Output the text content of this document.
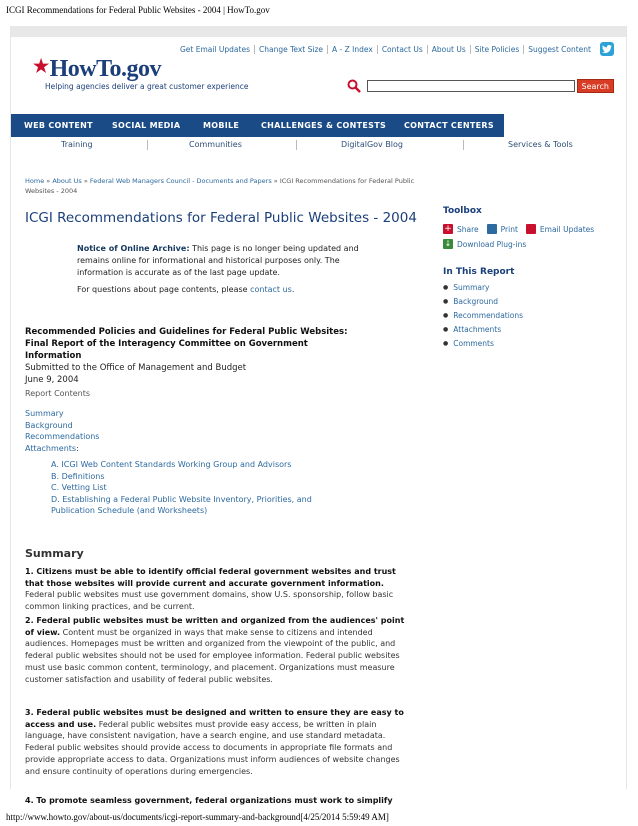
ICGI Recommendations for Federal Public Websites - 2004 | HowTo.gov
Get Email Updates	Change Text Size	A - Z Index	Contact Us	About Us	Site Policies	Suggest Content
★ HowTo.gov
Helping agencies deliver a great customer experience	Search
WEB CONTENT SOCIAL MEDIA	MOBILE	CHALLENGES & CONTESTS CONTACT CENTERS
Training	Communities	DigitalGov Blog	Services & Tools
Home » About Us » Federal Web Managers Council - Documents and Papers » ICGI Recommendations for Federal Public Websites - 2004
ICGI Recommendations for Federal Public Websites - 2004
Notice of Online Archive: This page is no longer being updated and remains online for informational and historical purposes only. The information is accurate as of the last page update.
For questions about page contents, please contact us.
Recommended Policies and Guidelines for Federal Public Websites:
Final Report of the Interagency Committee on Government Information
Submitted to the Office of Management and Budget
June 9, 2004
Report Contents
Summary
Background
Recommendations
Attachments:
A. ICGI Web Content Standards Working Group and Advisors
B. Definitions
C. Vetting List
D. Establishing a Federal Public Website Inventory, Priorities, and Publication Schedule (and Worksheets)
Summary
1. Citizens must be able to identify official federal government websites and trust that those websites will provide current and accurate government information. Federal public websites must use government domains, show U.S. sponsorship, follow basic common linking practices, and be current.
2. Federal public websites must be written and organized from the audiences' point of view. Content must be organized in ways that make sense to citizens and intended audiences. Homepages must be written and organized from the viewpoint of the public, and federal public websites should not be used for employee information. Federal public websites must use basic common content, terminology, and placement. Organizations must measure customer satisfaction and usability of federal public websites.
3. Federal public websites must be designed and written to ensure they are easy to access and use. Federal public websites must provide easy access, be written in plain language, have consistent navigation, have a search engine, and use standard metadata. Federal public websites should provide access to documents in appropriate file formats and provide appropriate access to data. Organizations must inform audiences of website changes and ensure continuity of operations during emergencies.
4. To promote seamless government, federal organizations must work to simplify
Toolbox
+ Share	Print	Email Updates
↓ Download Plug-ins
In This Report
● Summary
● Background
● Recommendations
● Attachments
● Comments
http://www.howto.gov/about-us/documents/icgi-report-summary-and-background[4/25/2014 5:59:49 AM]
